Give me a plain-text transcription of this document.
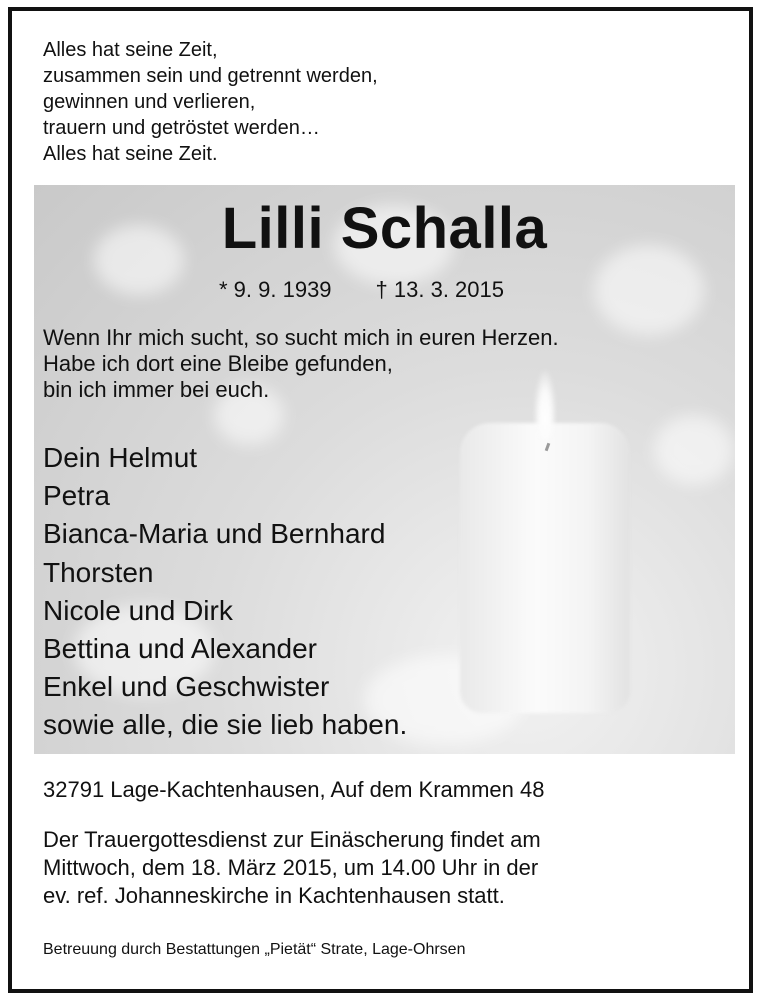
Alles hat seine Zeit,
zusammen sein und getrennt werden,
gewinnen und verlieren,
trauern und getröstet werden…
Alles hat seine Zeit.
Lilli Schalla
* 9. 9. 1939 † 13. 3. 2015
Wenn Ihr mich sucht, so sucht mich in euren Herzen.
Habe ich dort eine Bleibe gefunden,
bin ich immer bei euch.
Dein Helmut
Petra
Bianca-Maria und Bernhard
Thorsten
Nicole und Dirk
Bettina und Alexander
Enkel und Geschwister
sowie alle, die sie lieb haben.
32791 Lage-Kachtenhausen, Auf dem Krammen 48
Der Trauergottesdienst zur Einäscherung findet am
Mittwoch, dem 18. März 2015, um 14.00 Uhr in der
ev. ref. Johanneskirche in Kachtenhausen statt.
Betreuung durch Bestattungen „Pietät“ Strate, Lage-Ohrsen
